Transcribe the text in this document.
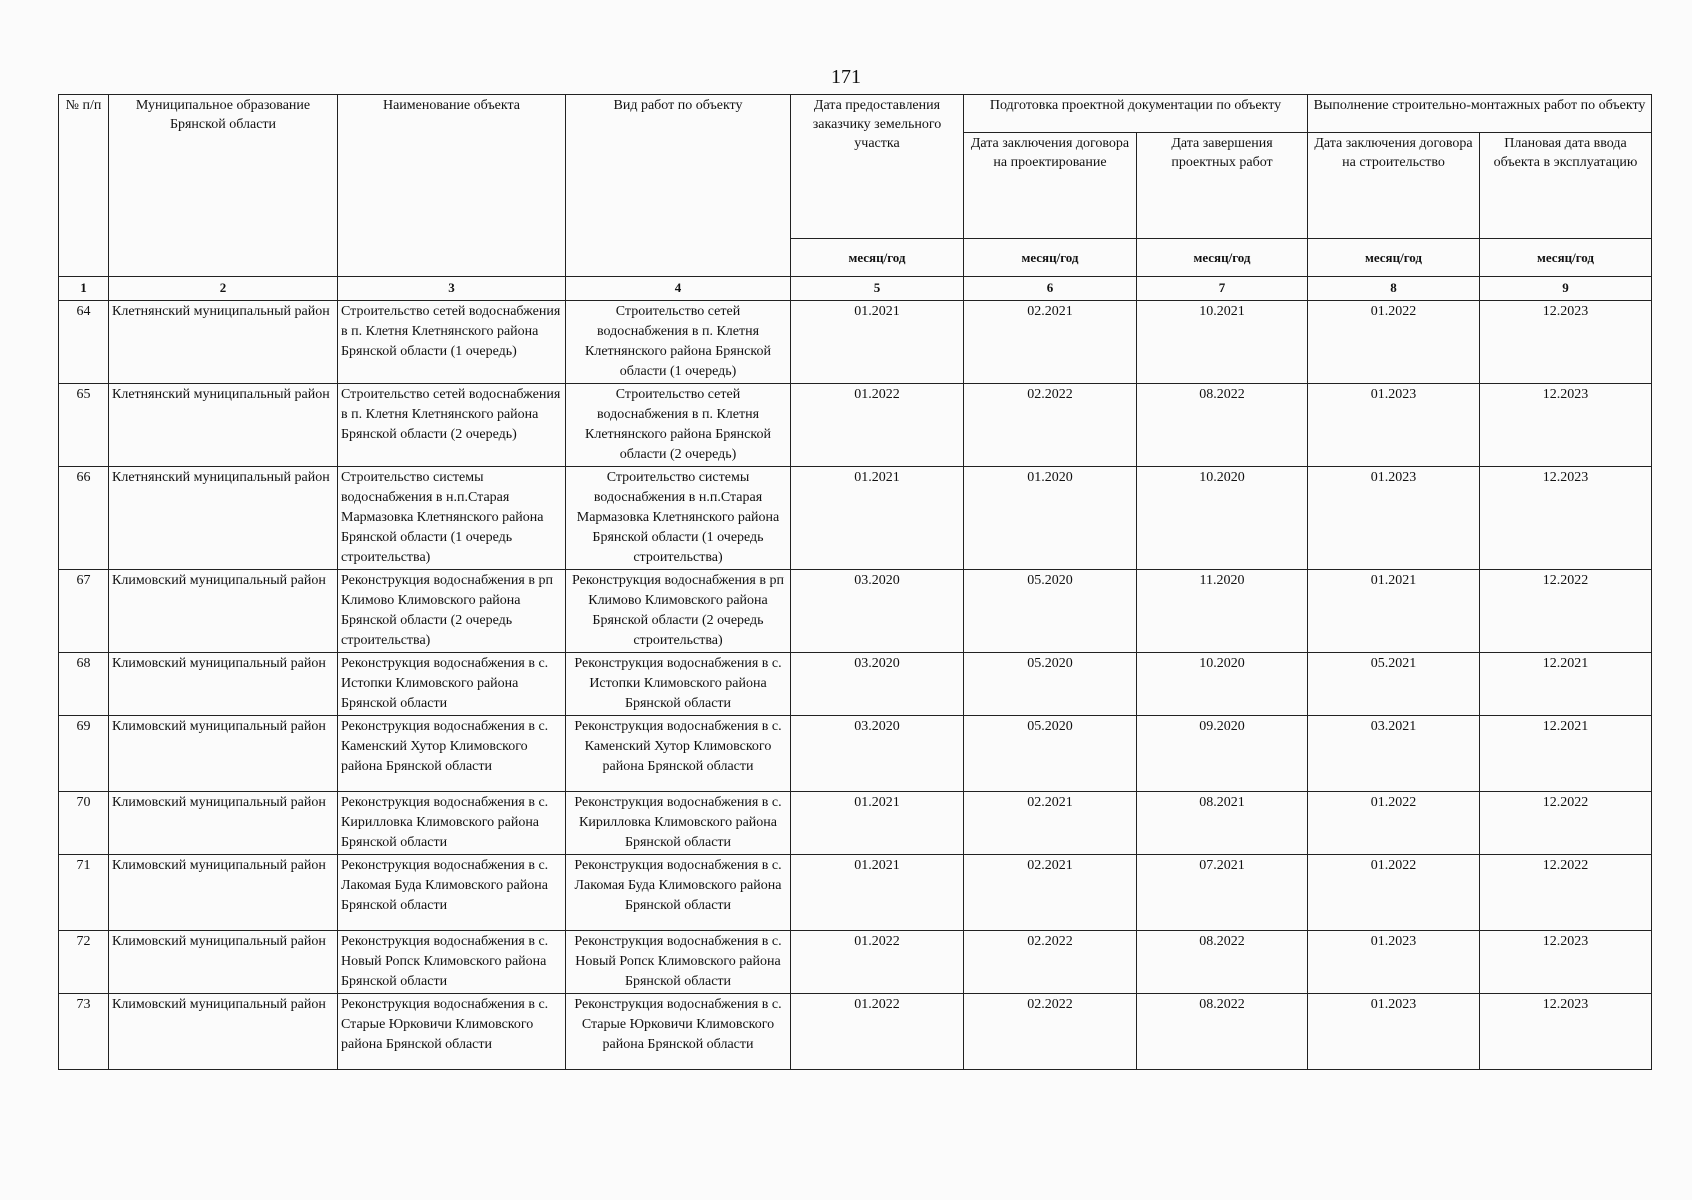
171
№ п/п	Муниципальное образование Брянской области	Наименование объекта	Вид работ по объекту	Дата предоставления заказчику земельного участка	Подготовка проектной документации по объекту		Выполнение строительно-монтажных работ по объекту	
					Дата заключения договора на проектирование	Дата завершения проектных работ	Дата заключения договора на строительство	Плановая дата ввода объекта в эксплуатацию
				месяц/год	месяц/год	месяц/год	месяц/год	месяц/год
1	2	3	4	5	6	7	8	9
64	Клетнянский муниципальный район	Строительство сетей водоснабжения в п. Клетня Клетнянского района Брянской области (1 очередь)	Строительство сетей водоснабжения в п. Клетня Клетнянского района Брянской области (1 очередь)	01.2021	02.2021	10.2021	01.2022	12.2023
65	Клетнянский муниципальный район	Строительство сетей водоснабжения в п. Клетня Клетнянского района Брянской области (2 очередь)	Строительство сетей водоснабжения в п. Клетня Клетнянского района Брянской области (2 очередь)	01.2022	02.2022	08.2022	01.2023	12.2023
66	Клетнянский муниципальный район	Строительство системы водоснабжения в н.п.Старая Мармазовка Клетнянского района Брянской области (1 очередь строительства)	Строительство системы водоснабжения в н.п.Старая Мармазовка Клетнянского района Брянской области (1 очередь строительства)	01.2021	01.2020	10.2020	01.2023	12.2023
67	Климовский муниципальный район	Реконструкция водоснабжения в рп Климово Климовского района Брянской области (2 очередь строительства)	Реконструкция водоснабжения в рп Климово Климовского района Брянской области (2 очередь строительства)	03.2020	05.2020	11.2020	01.2021	12.2022
68	Климовский муниципальный район	Реконструкция водоснабжения в с. Истопки Климовского района Брянской области	Реконструкция водоснабжения в с. Истопки Климовского района Брянской области	03.2020	05.2020	10.2020	05.2021	12.2021
69	Климовский муниципальный район	Реконструкция водоснабжения в с. Каменский Хутор Климовского района Брянской области	Реконструкция водоснабжения в с. Каменский Хутор Климовского района Брянской области	03.2020	05.2020	09.2020	03.2021	12.2021
70	Климовский муниципальный район	Реконструкция водоснабжения в с. Кирилловка Климовского района Брянской области	Реконструкция водоснабжения в с. Кирилловка Климовского района Брянской области	01.2021	02.2021	08.2021	01.2022	12.2022
71	Климовский муниципальный район	Реконструкция водоснабжения в с. Лакомая Буда Климовского района Брянской области	Реконструкция водоснабжения в с. Лакомая Буда Климовского района Брянской области	01.2021	02.2021	07.2021	01.2022	12.2022
72	Климовский муниципальный район	Реконструкция водоснабжения в с. Новый Ропск Климовского района Брянской области	Реконструкция водоснабжения в с. Новый Ропск Климовского района Брянской области	01.2022	02.2022	08.2022	01.2023	12.2023
73	Климовский муниципальный район	Реконструкция водоснабжения в с. Старые Юрковичи Климовского района Брянской области	Реконструкция водоснабжения в с. Старые Юрковичи Климовского района Брянской области	01.2022	02.2022	08.2022	01.2023	12.2023
